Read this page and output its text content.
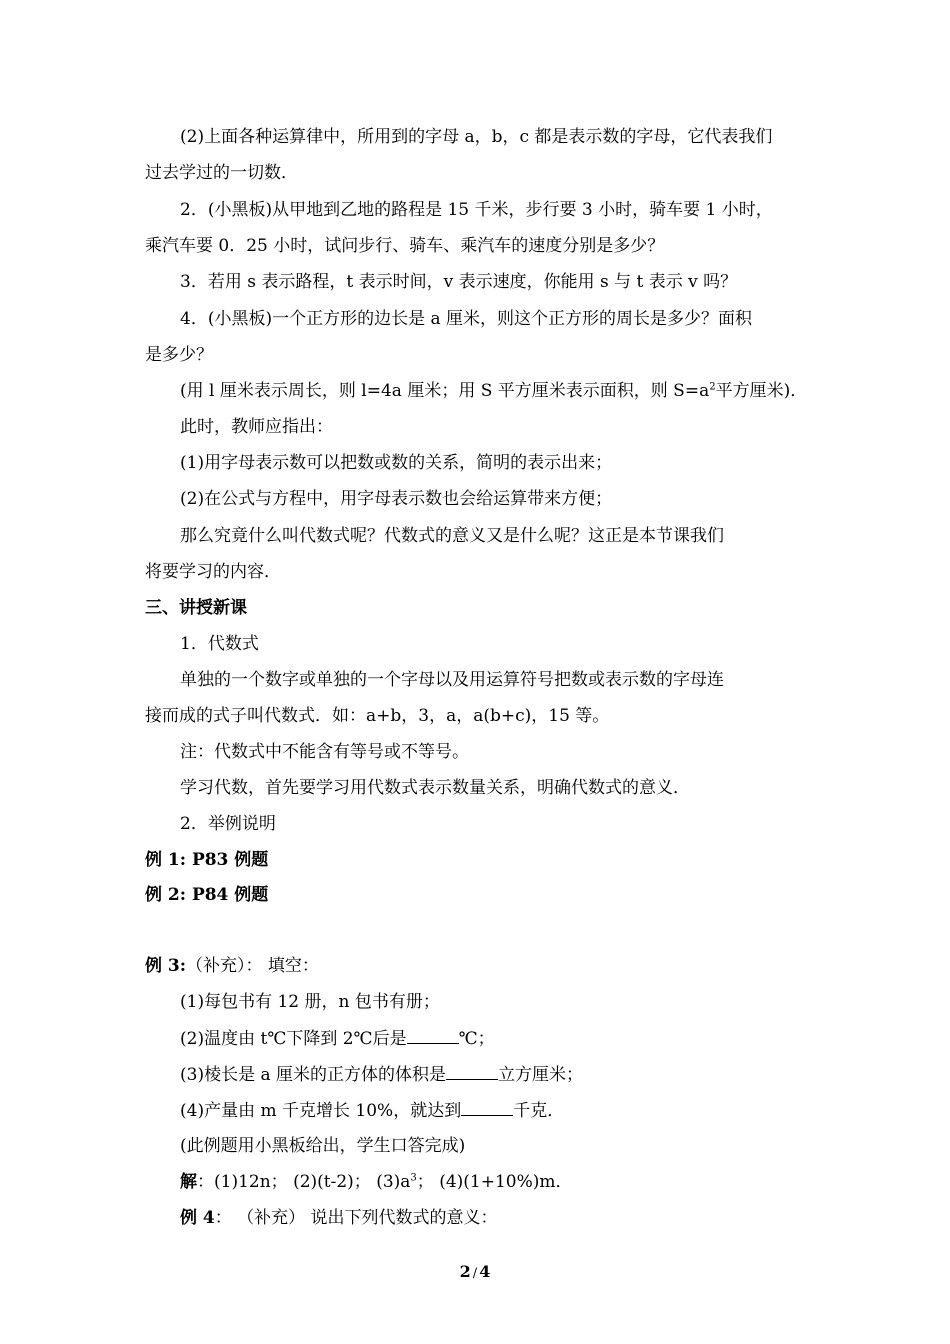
(2)上面各种运算律中，所用到的字母 a，b，c 都是表示数的字母，它代表我们
过去学过的一切数．
2．(小黑板)从甲地到乙地的路程是 15 千米，步行要 3 小时，骑车要 1 小时，
乘汽车要 0．25 小时，试问步行、骑车、乘汽车的速度分别是多少？
3．若用 s 表示路程，t 表示时间，v 表示速度，你能用 s 与 t 表示 v 吗？
4．(小黑板)一个正方形的边长是 a 厘米，则这个正方形的周长是多少？面积
是多少？
(用 l 厘米表示周长，则 l=4a 厘米；用 S 平方厘米表示面积，则 $S=a^2$平方厘米)．
此时，教师应指出：
(1)用字母表示数可以把数或数的关系，简明的表示出来；
(2)在公式与方程中，用字母表示数也会给运算带来方便；
那么究竟什么叫代数式呢？代数式的意义又是什么呢？这正是本节课我们
将要学习的内容．
三、讲授新课
1．代数式
单独的一个数字或单独的一个字母以及用运算符号把数或表示数的字母连
接而成的式子叫代数式．如：a+b，3，a，a(b+c)，15 等。
注：代数式中不能含有等号或不等号。
学习代数，首先要学习用代数式表示数量关系，明确代数式的意义．
2．举例说明
例 1: P83 例题
例 2: P84 例题
例 3:（补充）： 填空：
(1)每包书有 12 册，n 包书有册；
(2)温度由 t℃下降到 2℃后是	℃；
(3)棱长是 a 厘米的正方体的体积是	立方厘米；
(4)产量由 m 千克增长 10%，就达到	千克．
(此例题用小黑板给出，学生口答完成)
解：(1)12n； (2)(t-2)； $(3)a^3$； (4)(1+10%)m．
例 4： （补充） 说出下列代数式的意义：
2 / 4
